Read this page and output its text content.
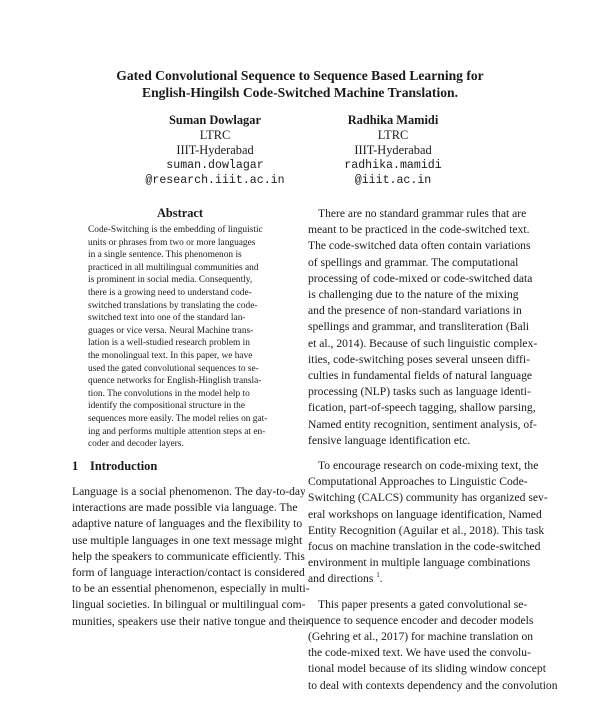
Gated Convolutional Sequence to Sequence Based Learning for
English-Hingilsh Code-Switched Machine Translation.
Suman Dowlagar
LTRC
IIIT-Hyderabad
suman.dowlagar
@research.iiit.ac.in
Radhika Mamidi
LTRC
IIIT-Hyderabad
radhika.mamidi
@iiit.ac.in
Abstract
Code-Switching is the embedding of linguistic
units or phrases from two or more languages
in a single sentence. This phenomenon is
practiced in all multilingual communities and
is prominent in social media. Consequently,
there is a growing need to understand code-
switched translations by translating the code-
switched text into one of the standard lan-
guages or vice versa. Neural Machine trans-
lation is a well-studied research problem in
the monolingual text. In this paper, we have
used the gated convolutional sequences to se-
quence networks for English-Hinglish transla-
tion. The convolutions in the model help to
identify the compositional structure in the
sequences more easily. The model relies on gat-
ing and performs multiple attention steps at en-
coder and decoder layers.
1 Introduction
Language is a social phenomenon. The day-to-day
interactions are made possible via language. The
adaptive nature of languages and the flexibility to
use multiple languages in one text message might
help the speakers to communicate efficiently. This
form of language interaction/contact is considered
to be an essential phenomenon, especially in multi-
lingual societies. In bilingual or multilingual com-
munities, speakers use their native tongue and their
There are no standard grammar rules that are
meant to be practiced in the code-switched text.
The code-switched data often contain variations
of spellings and grammar. The computational
processing of code-mixed or code-switched data
is challenging due to the nature of the mixing
and the presence of non-standard variations in
spellings and grammar, and transliteration (Bali
et al., 2014). Because of such linguistic complex-
ities, code-switching poses several unseen diffi-
culties in fundamental fields of natural language
processing (NLP) tasks such as language identi-
fication, part-of-speech tagging, shallow parsing,
Named entity recognition, sentiment analysis, of-
fensive language identification etc.
To encourage research on code-mixing text, the
Computational Approaches to Linguistic Code-
Switching (CALCS) community has organized sev-
eral workshops on language identification, Named
Entity Recognition (Aguilar et al., 2018). This task
focus on machine translation in the code-switched
environment in multiple language combinations
and directions $^1$.
This paper presents a gated convolutional se-
quence to sequence encoder and decoder models
(Gehring et al., 2017) for machine translation on
the code-mixed text. We have used the convolu-
tional model because of its sliding window concept
to deal with contexts dependency and the convolution
